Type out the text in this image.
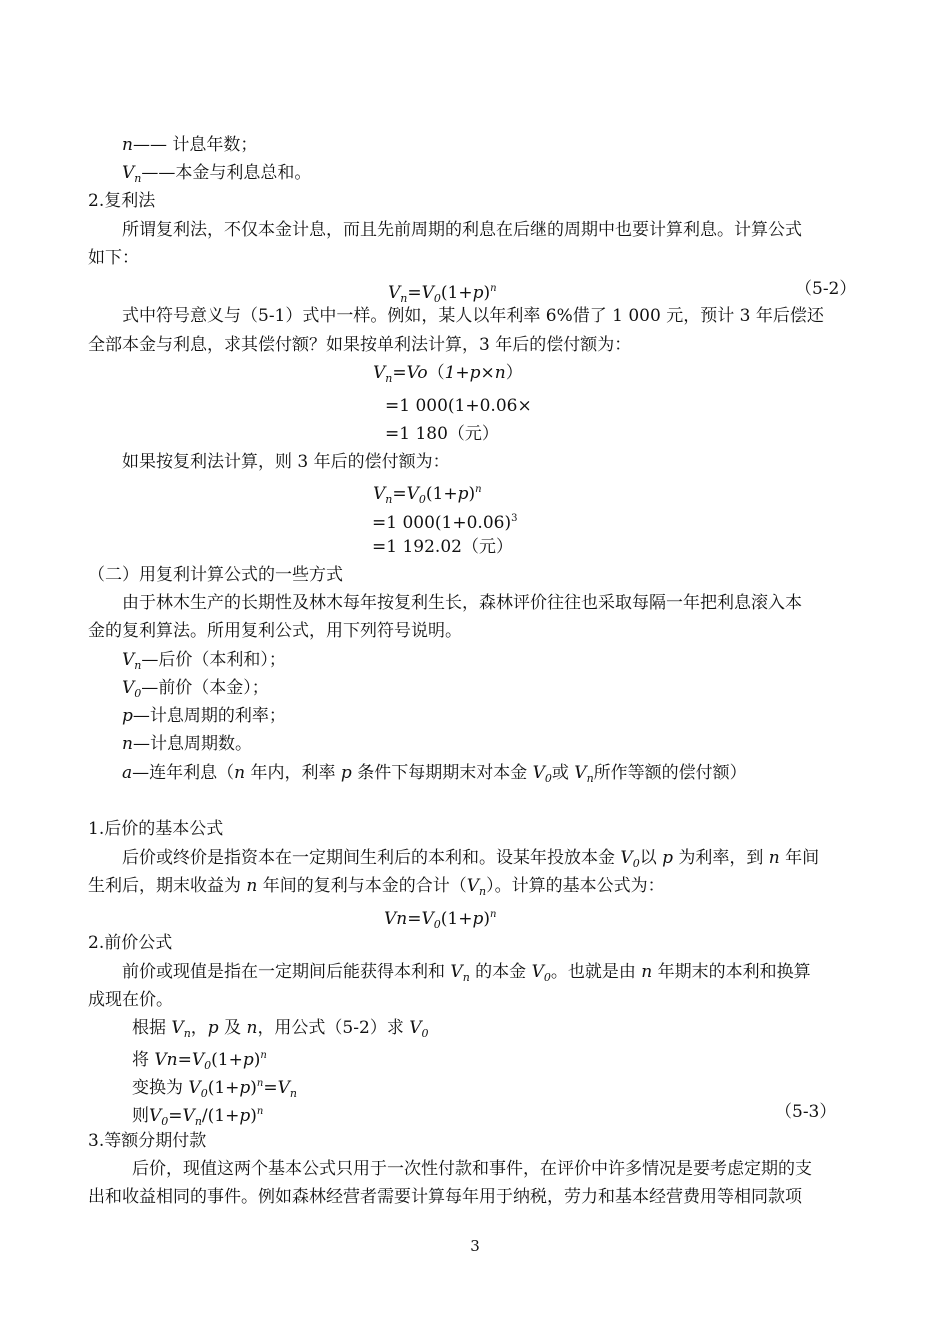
n—— 计息年数；
$V_n——$本金与利息总和。
2.复利法
所谓复利法，不仅本金计息，而且先前周期的利息在后继的周期中也要计算利息。计算公式
如下：
$V_n=V_0(1+p)^n$	（5-2）
式中符号意义与（5-1）式中一样。例如，某人以年利率 6%借了 1 000 元，预计 3 年后偿还
全部本金与利息，求其偿付额？如果按单利法计算，3 年后的偿付额为：
$V_n=Vo(1+p\times n)$
=1 000(1+0.06×
=1 180（元）
如果按复利法计算，则 3 年后的偿付额为：
$V_n=V_0(1+p)^n$
=1 $000(1+0.06)^3$
=1 192.02（元）
（二）用复利计算公式的一些方式
由于林木生产的长期性及林木每年按复利生长，森林评价往往也采取每隔一年把利息滚入本
金的复利算法。所用复利公式，用下列符号说明。
$V_n—$后价（本利和）；
$V_0—$前价（本金）；
p—计息周期的利率；
n—计息周期数。
a—连年利息（n 年内，利率 p 条件下每期期末对本金 $V_0$或 $V_n$所作等额的偿付额）
1.后价的基本公式
后价或终价是指资本在一定期间生利后的本利和。设某年投放本金 $V_0$以 p 为利率，到 n 年间
生利后，期末收益为 n 年间的复利与本金的合计$(V_n)$。计算的基本公式为：
$Vn=V_0(1+p)^n$
2.前价公式
前价或现值是指在一定期间后能获得本利和 $V_n$ 的本金 $V_0$。也就是由 n 年期末的本利和换算
成现在价。
根据 $V_n$，p 及 n，用公式（5-2）求 $V_0$
将 $Vn=V_0(1+p)^n$
变换为 $V_0(1+p)^n=V_n$
则$V_0=V_n/(1+p)^n$	（5-3）
3.等额分期付款
后价，现值这两个基本公式只用于一次性付款和事件，在评价中许多情况是要考虑定期的支
出和收益相同的事件。例如森林经营者需要计算每年用于纳税，劳力和基本经营费用等相同款项
3
